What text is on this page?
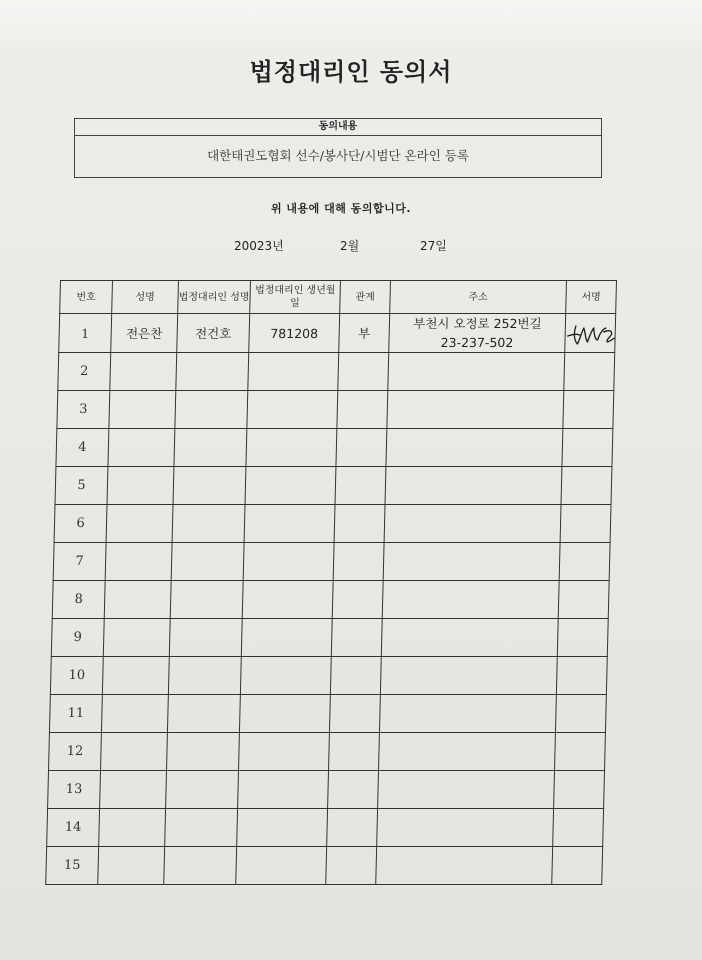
법정대리인 동의서
동의내용
대한태권도협회 선수/봉사단/시범단 온라인 등록
위 내용에 대해 동의합니다.
20023년	2월	27일
번호	성명	법정대리인 성명	법정대리인 생년월일	관계	주소	서명
1	전은찬	전건호	781208	부	부천시 오정로 252번길
23-237-502

2						
3						
4						
5						
6						
7						
8						
9						
10						
11						
12						
13						
14						
15						
